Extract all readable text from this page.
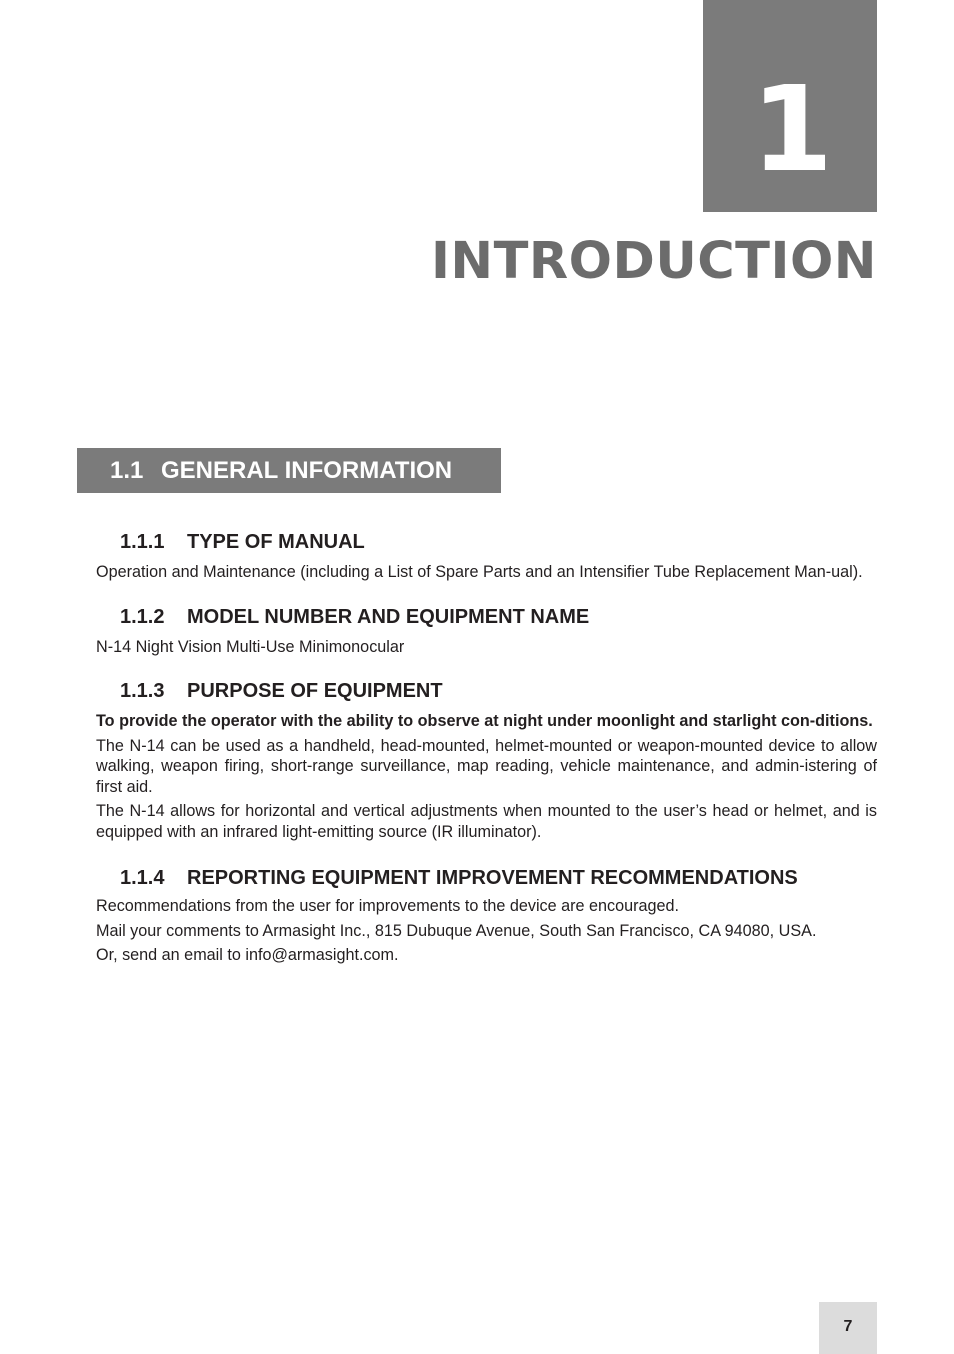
1
INTRODUCTION
1.1 GENERAL INFORMATION
1.1.1 TYPE OF MANUAL

Operation and Maintenance (including a List of Spare Parts and an Intensifier Tube Replacement Man-ual).

1.1.2 MODEL NUMBER AND EQUIPMENT NAME

N-14 Night Vision Multi-Use Minimonocular

1.1.3 PURPOSE OF EQUIPMENT

To provide the operator with the ability to observe at night under moonlight and starlight con-ditions.

The N-14 can be used as a handheld, head-mounted, helmet-mounted or weapon-mounted device to allow walking, weapon firing, short-range surveillance, map reading, vehicle maintenance, and admin-istering of first aid.

The N-14 allows for horizontal and vertical adjustments when mounted to the user’s head or helmet, and is equipped with an infrared light-emitting source (IR illuminator).

1.1.4 REPORTING EQUIPMENT IMPROVEMENT RECOMMENDATIONS

Recommendations from the user for improvements to the device are encouraged.

Mail your comments to Armasight Inc., 815 Dubuque Avenue, South San Francisco, CA 94080, USA.

Or, send an email to info@armasight.com.

7
